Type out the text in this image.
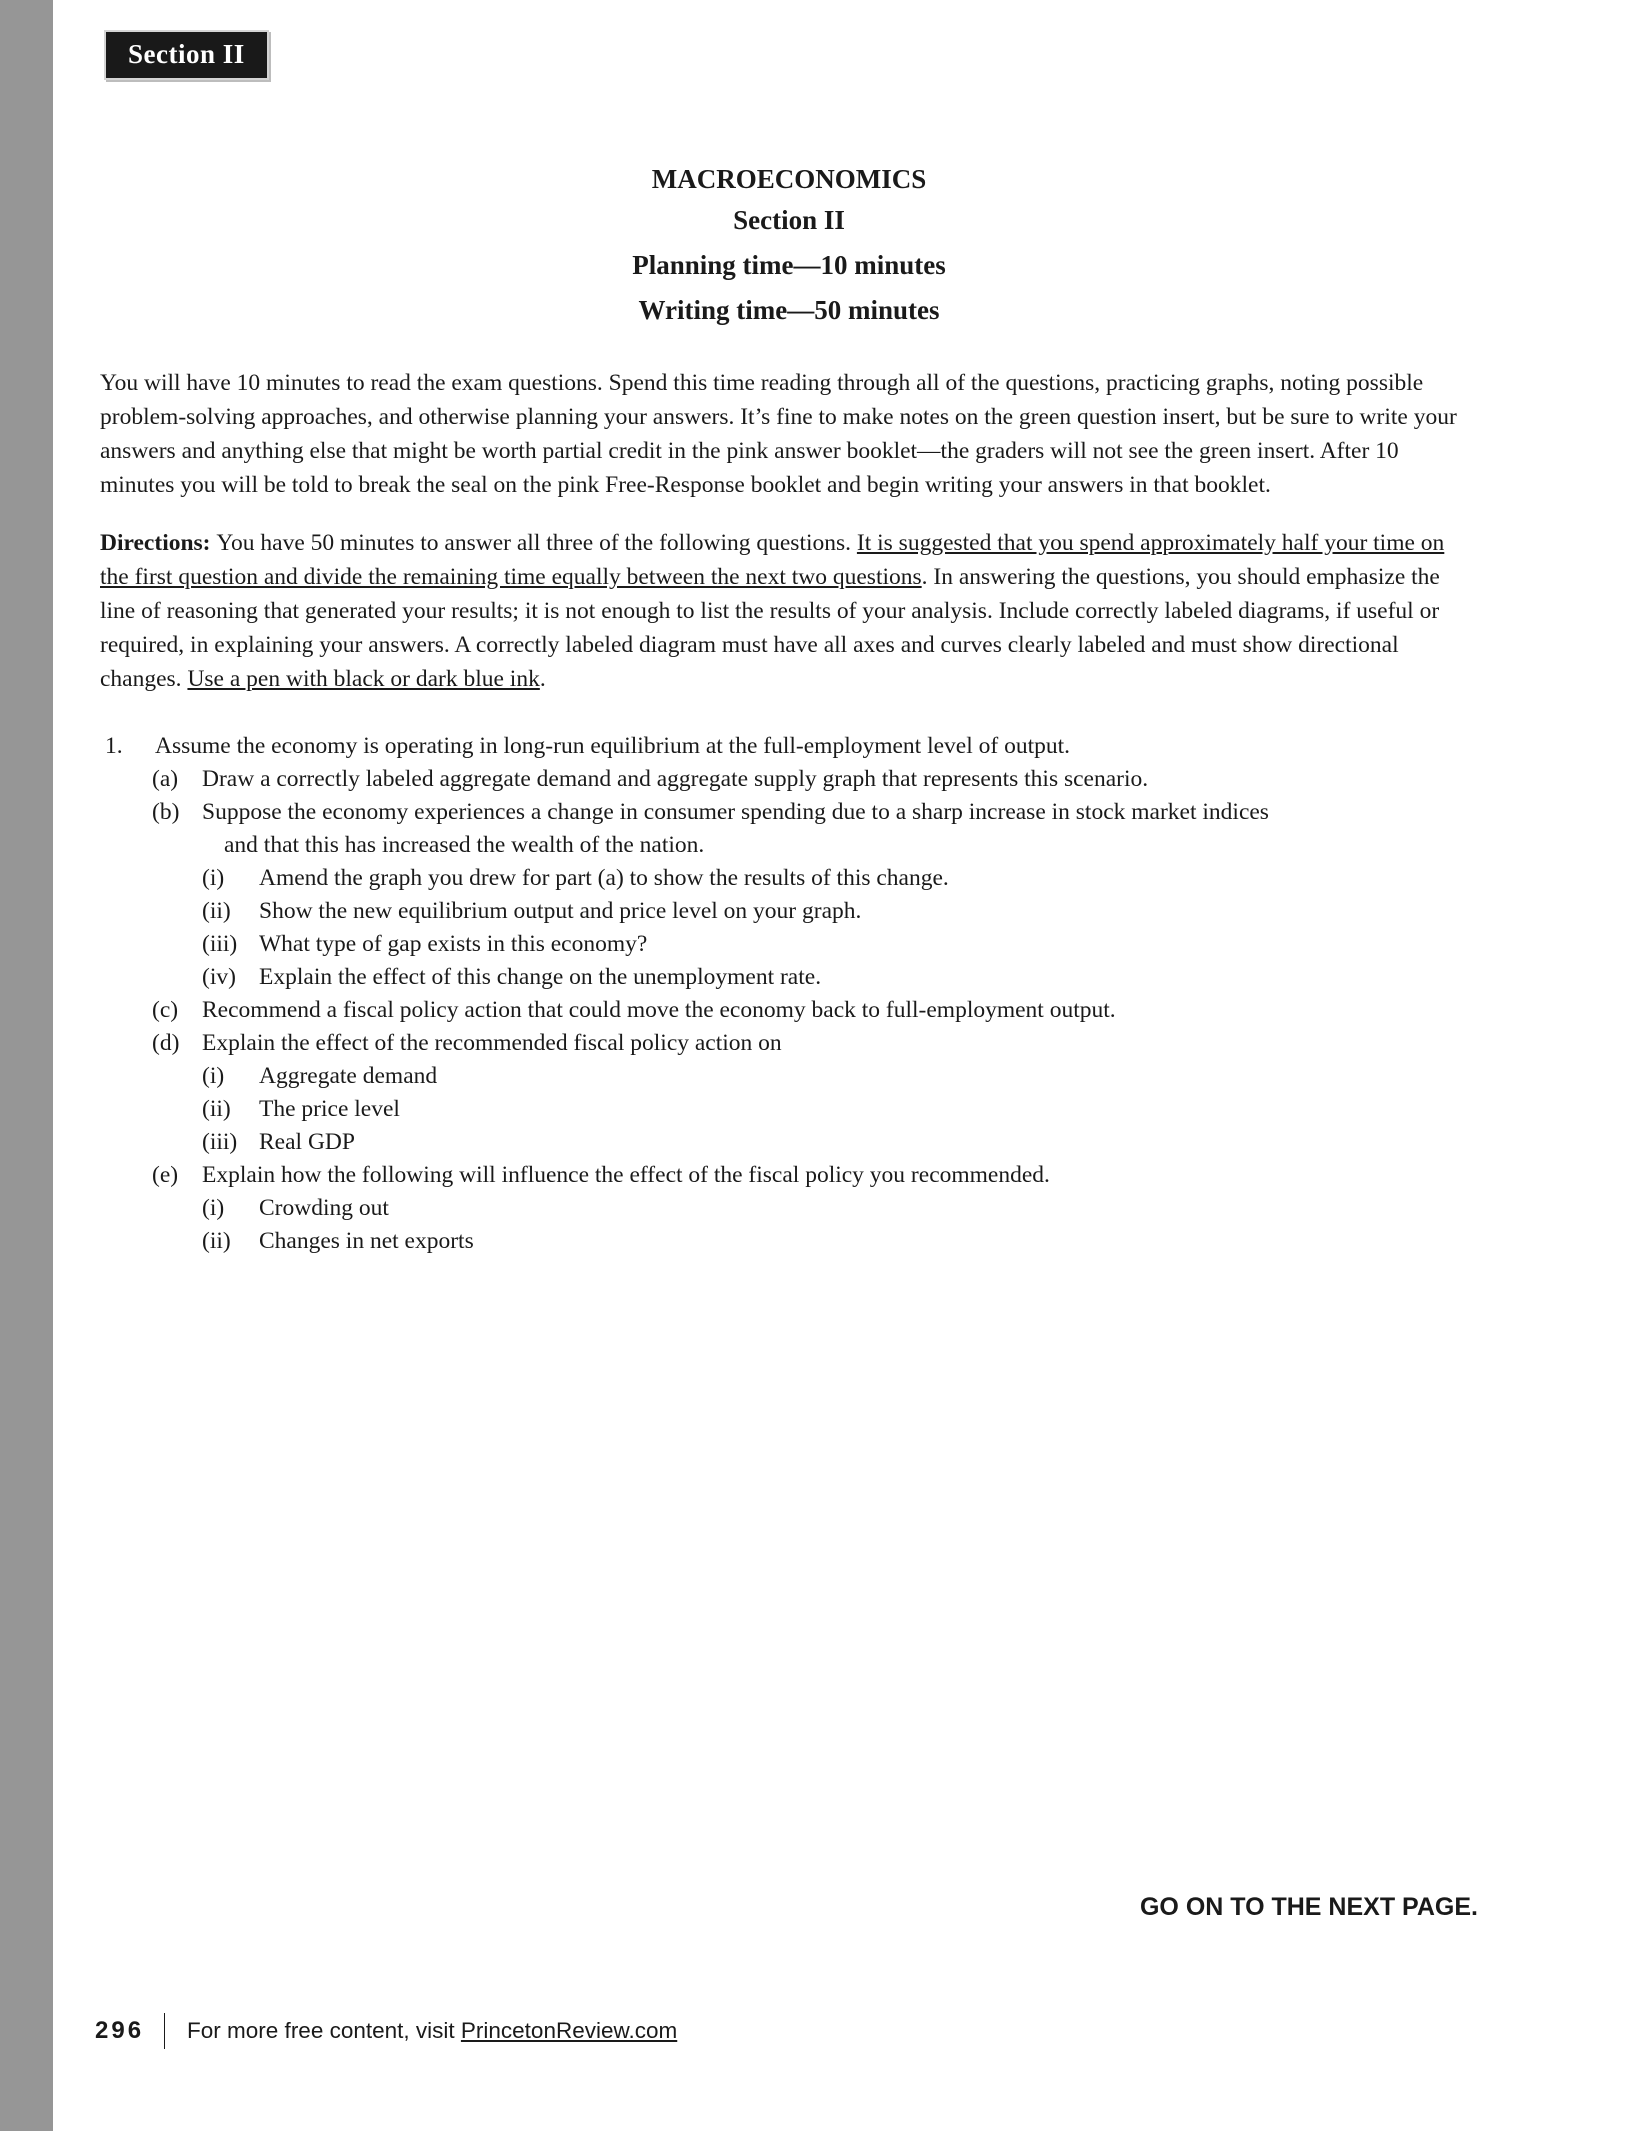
Section II
MACROECONOMICS
Section II
Planning time—10 minutes
Writing time—50 minutes

You will have 10 minutes to read the exam questions. Spend this time reading through all of the questions, practicing graphs, noting possible problem-solving approaches, and otherwise planning your answers. It’s fine to make notes on the green question insert, but be sure to write your answers and anything else that might be worth partial credit in the pink answer booklet—the graders will not see the green insert. After 10 minutes you will be told to break the seal on the pink Free-Response booklet and begin writing your answers in that booklet.

Directions: You have 50 minutes to answer all three of the following questions. It is suggested that you spend approximately half your time on the first question and divide the remaining time equally between the next two questions. In answering the questions, you should emphasize the line of reasoning that generated your results; it is not enough to list the results of your analysis. Include correctly labeled diagrams, if useful or required, in explaining your answers. A correctly labeled diagram must have all axes and curves clearly labeled and must show directional changes. Use a pen with black or dark blue ink.

1.	Assume the economy is operating in long-run equilibrium at the full-employment level of output.
(a)	Draw a correctly labeled aggregate demand and aggregate supply graph that represents this scenario.
(b) Suppose the economy experiences a change in consumer spending due to a sharp increase in stock market indices
and that this has increased the wealth of the nation.
(i)	Amend the graph you drew for part (a) to show the results of this change.
(ii)	Show the new equilibrium output and price level on your graph.
(iii) What type of gap exists in this economy?
(iv) Explain the effect of this change on the unemployment rate.
(c)	Recommend a fiscal policy action that could move the economy back to full-employment output.
(d) Explain the effect of the recommended fiscal policy action on
(i)	Aggregate demand
(ii)	The price level
(iii) Real GDP
(e)	Explain how the following will influence the effect of the fiscal policy you recommended.
(i)	Crowding out
(ii)	Changes in net exports
GO ON TO THE NEXT PAGE.
296 For more free content, visit PrincetonReview.com
